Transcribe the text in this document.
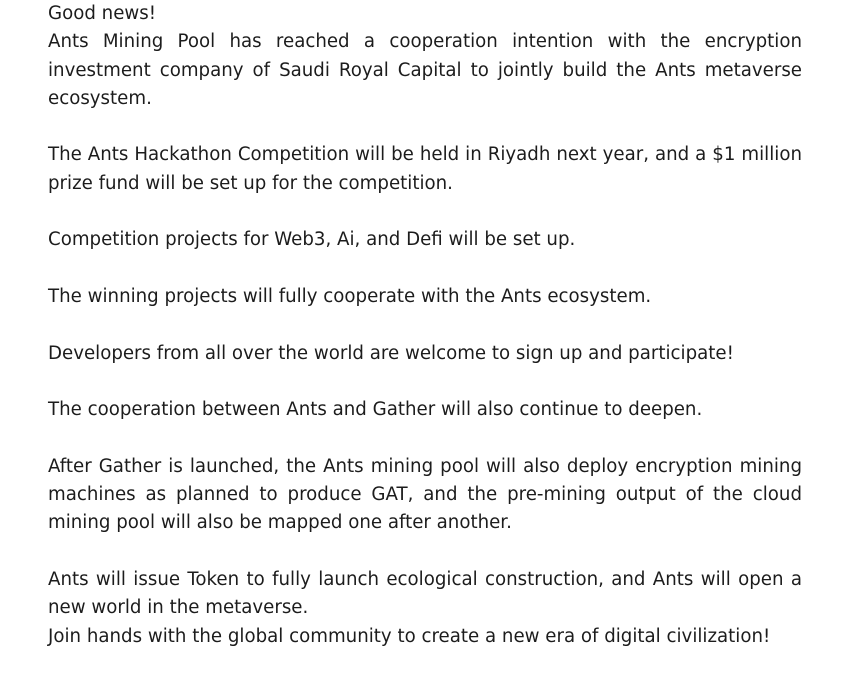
Good news!

Ants Mining Pool has reached a cooperation intention with the encryption investment company of Saudi Royal Capital to jointly build the Ants metaverse ecosystem.

The Ants Hackathon Competition will be held in Riyadh next year, and a $1 million prize fund will be set up for the competition.

Competition projects for Web3, Ai, and Defi will be set up.

The winning projects will fully cooperate with the Ants ecosystem.

Developers from all over the world are welcome to sign up and participate!

The cooperation between Ants and Gather will also continue to deepen.

After Gather is launched, the Ants mining pool will also deploy encryption mining machines as planned to produce GAT, and the pre-mining output of the cloud mining pool will also be mapped one after another.

Ants will issue Token to fully launch ecological construction, and Ants will open a new world in the metaverse.

Join hands with the global community to create a new era of digital civilization!
